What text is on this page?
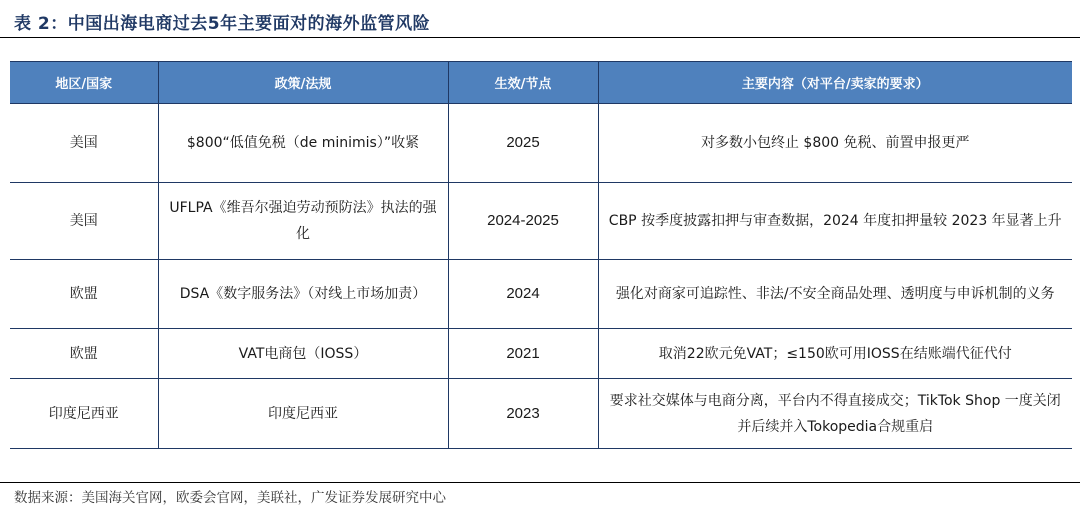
表 2：中国出海电商过去5年主要面对的海外监管风险
地区/国家	政策/法规	生效/节点	主要内容（对平台/卖家的要求）
美国	$800“低值免税（de minimis）”收紧	2025	对多数小包终止 $800 免税、前置申报更严
美国	UFLPA《维吾尔强迫劳动预防法》执法的强化	2024-2025	CBP 按季度披露扣押与审查数据，2024 年度扣押量较 2023 年显著上升
欧盟	DSA《数字服务法》（对线上市场加责）	2024	强化对商家可追踪性、非法/不安全商品处理、透明度与申诉机制的义务
欧盟	VAT电商包（IOSS）	2021	取消22欧元免VAT；≤150欧可用IOSS在结账端代征代付
印度尼西亚	印度尼西亚	2023	要求社交媒体与电商分离，平台内不得直接成交；TikTok Shop 一度关闭并后续并入Tokopedia合规重启
数据来源：美国海关官网，欧委会官网，美联社，广发证券发展研究中心
